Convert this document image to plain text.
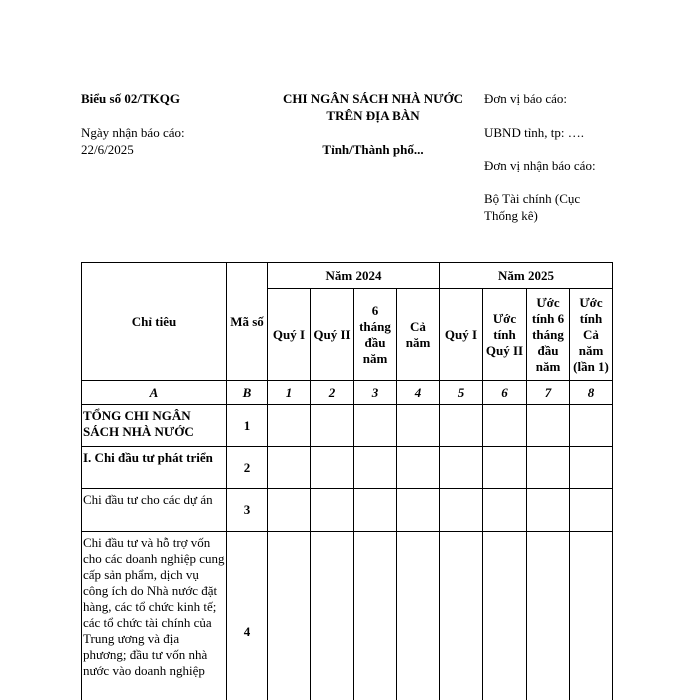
Biểu số 02/TKQG
Ngày nhận báo cáo:
22/6/2025
CHI NGÂN SÁCH NHÀ NƯỚC
TRÊN ĐỊA BÀN
Tỉnh/Thành phố...
Đơn vị báo cáo:
UBND tỉnh, tp: ….
Đơn vị nhận báo cáo:
Bộ Tài chính (Cục
Thống kê)
Chỉ tiêu	Mã số	Năm 2024				Năm 2025			
		Quý I	Quý II	6 tháng đầu năm	Cả năm	Quý I	Ước tính Quý II	Ước tính 6 tháng đầu năm	Ước tính Cả năm (lần 1)
A	B	1	2	3	4	5	6	7	8
TỔNG CHI NGÂN SÁCH NHÀ NƯỚC	1								
I. Chi đầu tư phát triển	2								
Chi đầu tư cho các dự án	3								
Chi đầu tư và hỗ trợ vốn cho các doanh nghiệp cung cấp sản phẩm, dịch vụ công ích do Nhà nước đặt hàng, các tổ chức kinh tế; các tổ chức tài chính của Trung ương và địa phương; đầu tư vốn nhà nước vào doanh nghiệp	4								
